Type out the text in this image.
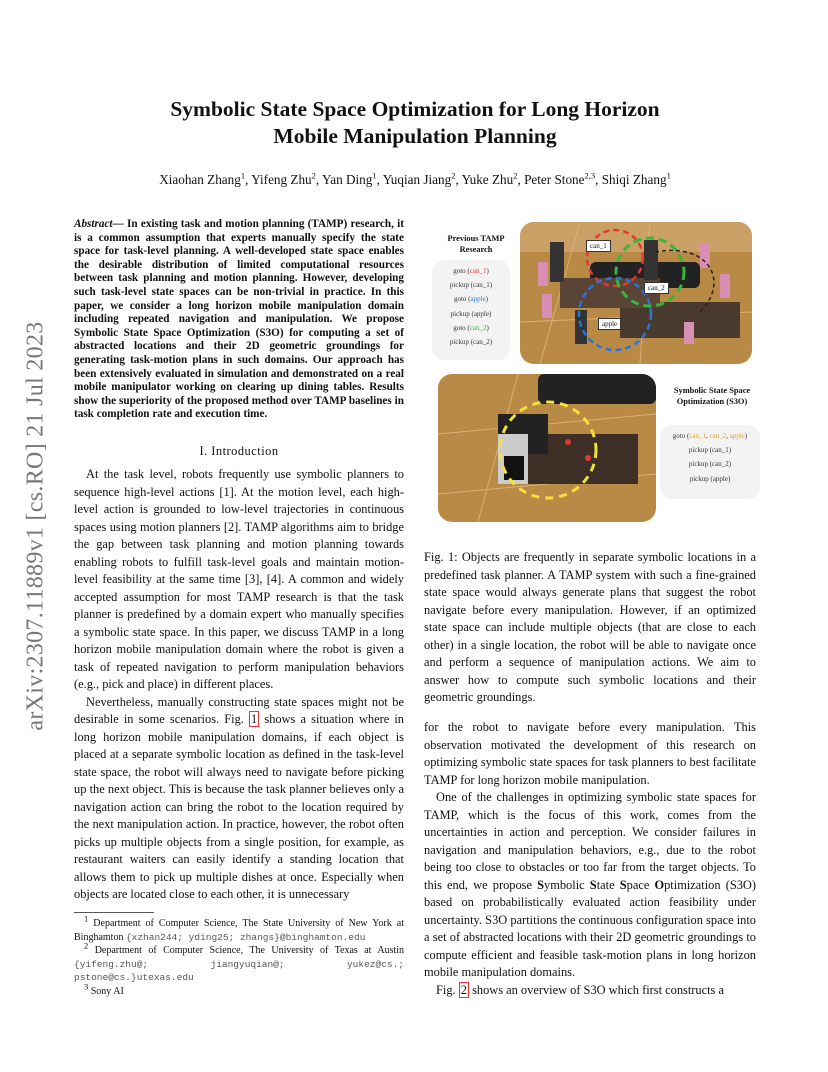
arXiv:2307.11889v1 [cs.RO] 21 Jul 2023
Symbolic State Space Optimization for Long Horizon
Mobile Manipulation Planning
Xiaohan Zhang$^1$, Yifeng Zhu$^2$, Yan Ding$^1$, Yuqian Jiang$^2$, Yuke Zhu$^2$, Peter Stone$^{2,3}$, Shiqi Zhang$^1$
Abstract— In existing task and motion planning (TAMP) research, it is a common assumption that experts manually specify the state space for task-level planning. A well-developed state space enables the desirable distribution of limited computational resources between task planning and motion planning. However, developing such task-level state spaces can be non-trivial in practice. In this paper, we consider a long horizon mobile manipulation domain including repeated navigation and manipulation. We propose Symbolic State Space Optimization (S3O) for computing a set of abstracted locations and their 2D geometric groundings for generating task-motion plans in such domains. Our approach has been extensively evaluated in simulation and demonstrated on a real mobile manipulator working on clearing up dining tables. Results show the superiority of the proposed method over TAMP baselines in task completion rate and execution time.
I. Introduction

At the task level, robots frequently use symbolic planners to sequence high-level actions [1]. At the motion level, each high-level action is grounded to low-level trajectories in continuous spaces using motion planners [2]. TAMP algorithms aim to bridge the gap between task planning and motion planning towards enabling robots to fulfill task-level goals and maintain motion-level feasibility at the same time [3], [4]. A common and widely accepted assumption for most TAMP research is that the task planner is predefined by a domain expert who manually specifies a symbolic state space. In this paper, we discuss TAMP in a long horizon mobile manipulation domain where the robot is given a task of repeated navigation to perform manipulation behaviors (e.g., pick and place) in different places.

Nevertheless, manually constructing state spaces might not be desirable in some scenarios. Fig. 1 shows a situation where in long horizon mobile manipulation domains, if each object is placed at a separate symbolic location as defined in the task-level state space, the robot will always need to navigate before picking up the next object. This is because the task planner believes only a navigation action can bring the robot to the location required by the next manipulation action. In practice, however, the robot often picks up multiple objects from a single position, for example, as restaurant waiters can easily identify a standing location that allows them to pick up multiple dishes at once. Especially when objects are located close to each other, it is unnecessary

$^1$ Department of Computer Science, The State University of New York at Binghamton {xzhan244; yding25; zhangs}@binghamton.edu
$^2$ Department of Computer Science, The University of Texas at Austin {yifeng.zhu@; jiangyuqian@; yukez@cs.; pstone@cs.}utexas.edu
$^3$ Sony AI
Previous TAMP
Research
goto (can_1)
pickup (can_1)
goto (apple)
pickup (apple)
goto (can_2)
pickup (can_2)
can_1
can_2
apple
Symbolic State Space
Optimization (S3O)
goto (can_1, can_2, apple)
pickup (can_1)
pickup (can_2)
pickup (apple)
Fig. 1: Objects are frequently in separate symbolic locations in a predefined task planner. A TAMP system with such a fine-grained state space would always generate plans that suggest the robot navigate before every manipulation. However, if an optimized state space can include multiple objects (that are close to each other) in a single location, the robot will be able to navigate once and perform a sequence of manipulation actions. We aim to answer how to compute such symbolic locations and their geometric groundings.

for the robot to navigate before every manipulation. This observation motivated the development of this research on optimizing symbolic state spaces for task planners to best facilitate TAMP for long horizon mobile manipulation.

One of the challenges in optimizing symbolic state spaces for TAMP, which is the focus of this work, comes from the uncertainties in action and perception. We consider failures in navigation and manipulation behaviors, e.g., due to the robot being too close to obstacles or too far from the target objects. To this end, we propose Symbolic State Space Optimization (S3O) based on probabilistically evaluated action feasibility under uncertainty. S3O partitions the continuous configuration space into a set of abstracted locations with their 2D geometric groundings to compute efficient and feasible task-motion plans in long horizon mobile manipulation domains.

Fig. 2 shows an overview of S3O which first constructs a
